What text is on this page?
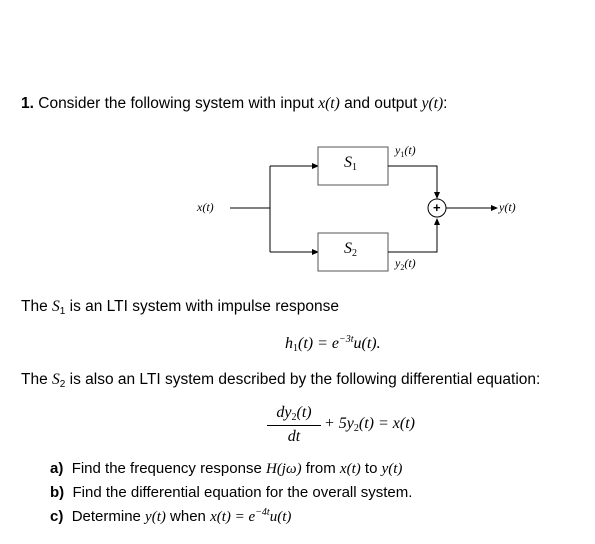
1. Consider the following system with input x(t) and output y(t):
x(t)	y(t)
$S_1$
$S_2$
$y_1(t)$
$y_2(t)$
+
The $S_1$ is an LTI system with impulse response
$h_1(t) = e^{-3t}u(t)$.
The $S_2$ is also an LTI system described by the following differential equation:
$dy_2(t)$
dt
+ $5y_2(t) = x(t)$
a) Find the frequency response H(jω) from x(t) to y(t)
b) Find the differential equation for the overall system.
c) Determine y(t) when $x(t) = e^{-4t}u(t)$
